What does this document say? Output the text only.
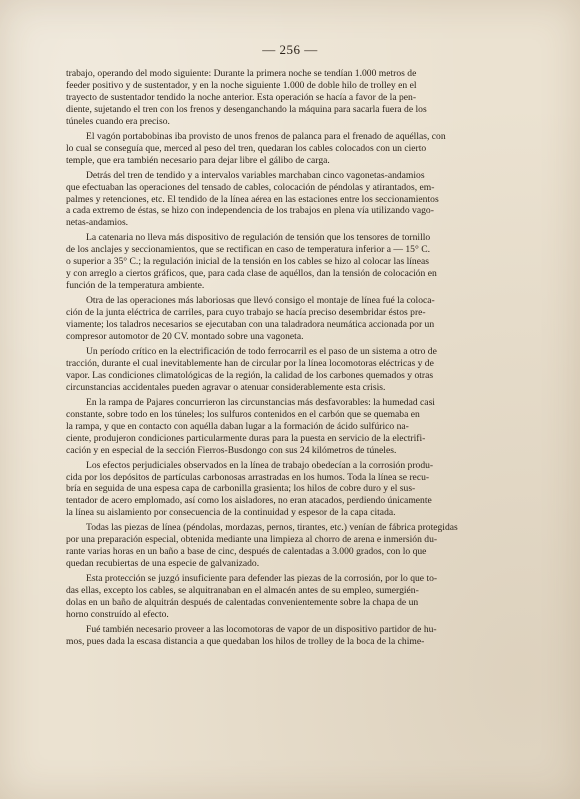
— 256 —
trabajo, operando del modo siguiente: Durante la primera noche se tendían 1.000 metros de
feeder positivo y de sustentador, y en la noche siguiente 1.000 de doble hilo de trolley en el
trayecto de sustentador tendido la noche anterior. Esta operación se hacía a favor de la pen-
diente, sujetando el tren con los frenos y desenganchando la máquina para sacarla fuera de los
túneles cuando era preciso.
El vagón portabobinas iba provisto de unos frenos de palanca para el frenado de aquéllas, con
lo cual se conseguía que, merced al peso del tren, quedaran los cables colocados con un cierto
temple, que era también necesario para dejar libre el gálibo de carga.
Detrás del tren de tendido y a intervalos variables marchaban cinco vagonetas-andamios
que efectuaban las operaciones del tensado de cables, colocación de péndolas y atirantados, em-
palmes y retenciones, etc. El tendido de la línea aérea en las estaciones entre los seccionamientos
a cada extremo de éstas, se hizo con independencia de los trabajos en plena vía utilizando vago-
netas-andamios.
La catenaria no lleva más dispositivo de regulación de tensión que los tensores de tornillo
de los anclajes y seccionamientos, que se rectifican en caso de temperatura inferior a — 15° C.
o superior a 35° C.; la regulación inicial de la tensión en los cables se hizo al colocar las líneas
y con arreglo a ciertos gráficos, que, para cada clase de aquéllos, dan la tensión de colocación en
función de la temperatura ambiente.
Otra de las operaciones más laboriosas que llevó consigo el montaje de línea fué la coloca-
ción de la junta eléctrica de carriles, para cuyo trabajo se hacía preciso desembridar éstos pre-
viamente; los taladros necesarios se ejecutaban con una taladradora neumática accionada por un
compresor automotor de 20 CV. montado sobre una vagoneta.
Un período crítico en la electrificación de todo ferrocarril es el paso de un sistema a otro de
tracción, durante el cual inevitablemente han de circular por la línea locomotoras eléctricas y de
vapor. Las condiciones climatológicas de la región, la calidad de los carbones quemados y otras
circunstancias accidentales pueden agravar o atenuar considerablemente esta crisis.
En la rampa de Pajares concurrieron las circunstancias más desfavorables: la humedad casi
constante, sobre todo en los túneles; los sulfuros contenidos en el carbón que se quemaba en
la rampa, y que en contacto con aquélla daban lugar a la formación de ácido sulfúrico na-
ciente, produjeron condiciones particularmente duras para la puesta en servicio de la electrifi-
cación y en especial de la sección Fierros-Busdongo con sus 24 kilómetros de túneles.
Los efectos perjudiciales observados en la línea de trabajo obedecían a la corrosión produ-
cida por los depósitos de partículas carbonosas arrastradas en los humos. Toda la línea se recu-
bría en seguida de una espesa capa de carbonilla grasienta; los hilos de cobre duro y el sus-
tentador de acero emplomado, así como los aisladores, no eran atacados, perdiendo únicamente
la línea su aislamiento por consecuencia de la continuidad y espesor de la capa citada.
Todas las piezas de línea (péndolas, mordazas, pernos, tirantes, etc.) venían de fábrica protegidas
por una preparación especial, obtenida mediante una limpieza al chorro de arena e inmersión du-
rante varias horas en un baño a base de cinc, después de calentadas a 3.000 grados, con lo que
quedan recubiertas de una especie de galvanizado.
Esta protección se juzgó insuficiente para defender las piezas de la corrosión, por lo que to-
das ellas, excepto los cables, se alquitranaban en el almacén antes de su empleo, sumergién-
dolas en un baño de alquitrán después de calentadas convenientemente sobre la chapa de un
horno construído al efecto.
Fué también necesario proveer a las locomotoras de vapor de un dispositivo partidor de hu-
mos, pues dada la escasa distancia a que quedaban los hilos de trolley de la boca de la chime-
